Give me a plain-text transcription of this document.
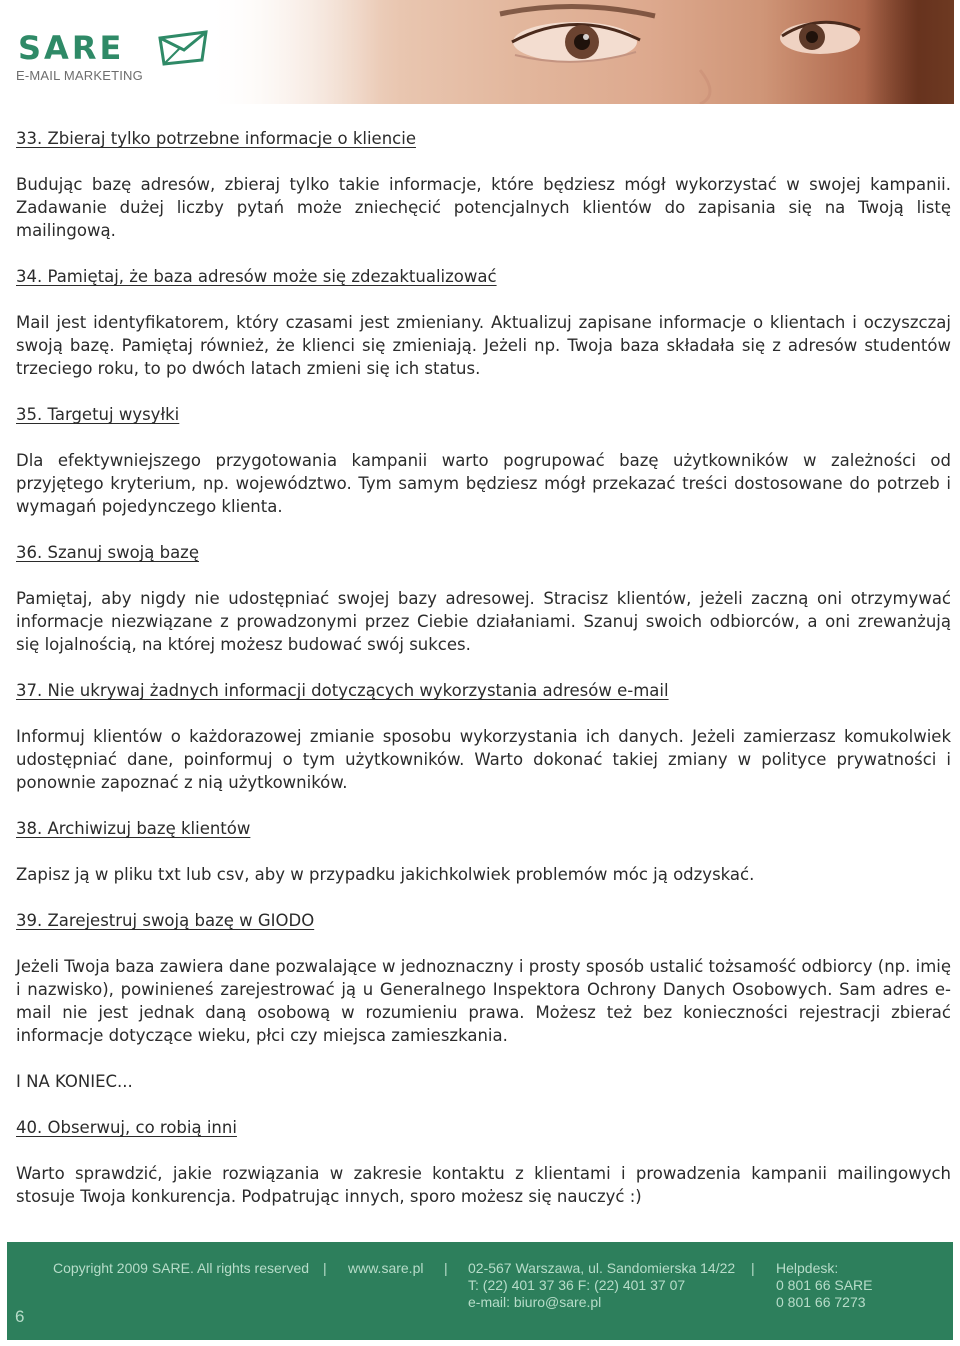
SARE
E-MAIL MARKETING
33. Zbieraj tylko potrzebne informacje o kliencie

Budując bazę adresów, zbieraj tylko takie informacje, które będziesz mógł wykorzystać w swojej kampanii. Zadawanie dużej liczby pytań może zniechęcić potencjalnych klientów do zapisania się na Twoją listę mailingową.

34. Pamiętaj, że baza adresów może się zdezaktualizować

Mail jest identyfikatorem, który czasami jest zmieniany. Aktualizuj zapisane informacje o klientach i oczyszczaj swoją bazę. Pamiętaj również, że klienci się zmieniają. Jeżeli np. Twoja baza składała się z adresów studentów trzeciego roku, to po dwóch latach zmieni się ich status.

35. Targetuj wysyłki

Dla efektywniejszego przygotowania kampanii warto pogrupować bazę użytkowników w zależności od przyjętego kryterium, np. województwo. Tym samym będziesz mógł przekazać treści dostosowane do potrzeb i wymagań pojedynczego klienta.

36. Szanuj swoją bazę

Pamiętaj, aby nigdy nie udostępniać swojej bazy adresowej. Stracisz klientów, jeżeli zaczną oni otrzymywać informacje niezwiązane z prowadzonymi przez Ciebie działaniami. Szanuj swoich odbiorców, a oni zrewanżują się lojalnością, na której możesz budować swój sukces.

37. Nie ukrywaj żadnych informacji dotyczących wykorzystania adresów e-mail

Informuj klientów o każdorazowej zmianie sposobu wykorzystania ich danych. Jeżeli zamierzasz komukolwiek udostępniać dane, poinformuj o tym użytkowników. Warto dokonać takiej zmiany w polityce prywatności i ponownie zapoznać z nią użytkowników.

38. Archiwizuj bazę klientów

Zapisz ją w pliku txt lub csv, aby w przypadku jakichkolwiek problemów móc ją odzyskać.

39. Zarejestruj swoją bazę w GIODO

Jeżeli Twoja baza zawiera dane pozwalające w jednoznaczny i prosty sposób ustalić tożsamość odbiorcy (np. imię i nazwisko), powinieneś zarejestrować ją u Generalnego Inspektora Ochrony Danych Osobowych. Sam adres e-mail nie jest jednak daną osobową w rozumieniu prawa. Możesz też bez konieczności rejestracji zbierać informacje dotyczące wieku, płci czy miejsca zamieszkania.

I NA KONIEC...

40. Obserwuj, co robią inni

Warto sprawdzić, jakie rozwiązania w zakresie kontaktu z klientami i prowadzenia kampanii mailingowych stosuje Twoja konkurencja. Podpatrując innych, sporo możesz się nauczyć :)

6
Copyright 2009 SARE. All rights reserved | www.sare.pl | 02-567 Warszawa, ul. Sandomierska 14/22
T: (22) 401 37 36 F: (22) 401 37 07
e-mail: biuro@sare.pl
| Helpdesk:
0 801 66 SARE
0 801 66 7273
